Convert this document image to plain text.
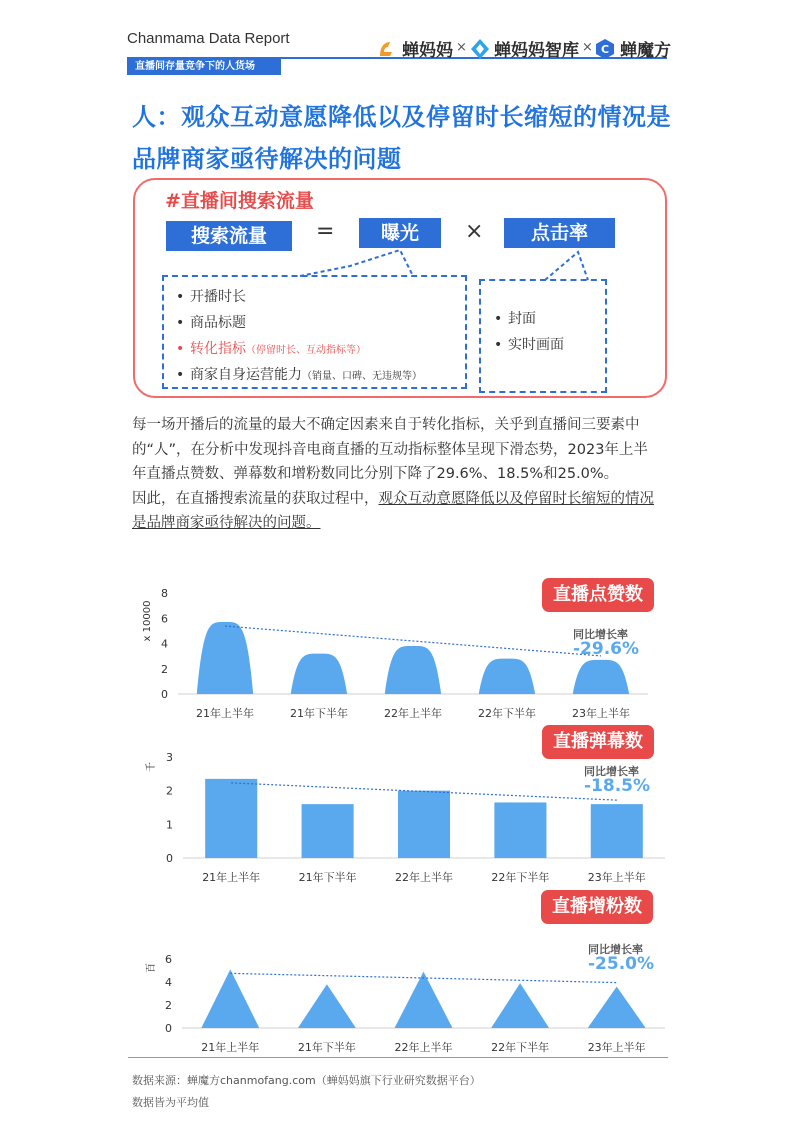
Chanmama Data Report
直播间存量竞争下的人货场
蝉妈妈 × 蝉妈妈智库 × C 蝉魔方
人：观众互动意愿降低以及停留时长缩短的情况是品牌商家亟待解决的问题
#直播间搜索流量
搜索流量	=	曝光	×	点击率
• 开播时长
• 商品标题
• 转化指标（停留时长、互动指标等）
• 商家自身运营能力（销量、口碑、无违规等）
• 封面
• 实时画面

每一场开播后的流量的最大不确定因素来自于转化指标，关乎到直播间三要素中的“人”，在分析中发现抖音电商直播的互动指标整体呈现下滑态势，2023年上半年直播点赞数、弹幕数和增粉数同比分别下降了29.6%、18.5%和25.0%。

因此，在直播搜索流量的获取过程中，观众互动意愿降低以及停留时长缩短的情况是品牌商家亟待解决的问题。

0
2
4
6
8
x 10000
21年上半年	21年下半年	22年上半年	22年下半年	23年上半年
0
1
2
3
千
21年上半年	21年下半年	22年上半年	22年下半年	23年上半年
0
2
4
6
百
21年上半年	21年下半年	22年上半年	22年下半年	23年上半年
直播点赞数
同比增长率
-29.6%
直播弹幕数
同比增长率
-18.5%
直播增粉数
同比增长率
-25.0%
数据来源：蝉魔方chanmofang.com（蝉妈妈旗下行业研究数据平台）
数据皆为平均值
